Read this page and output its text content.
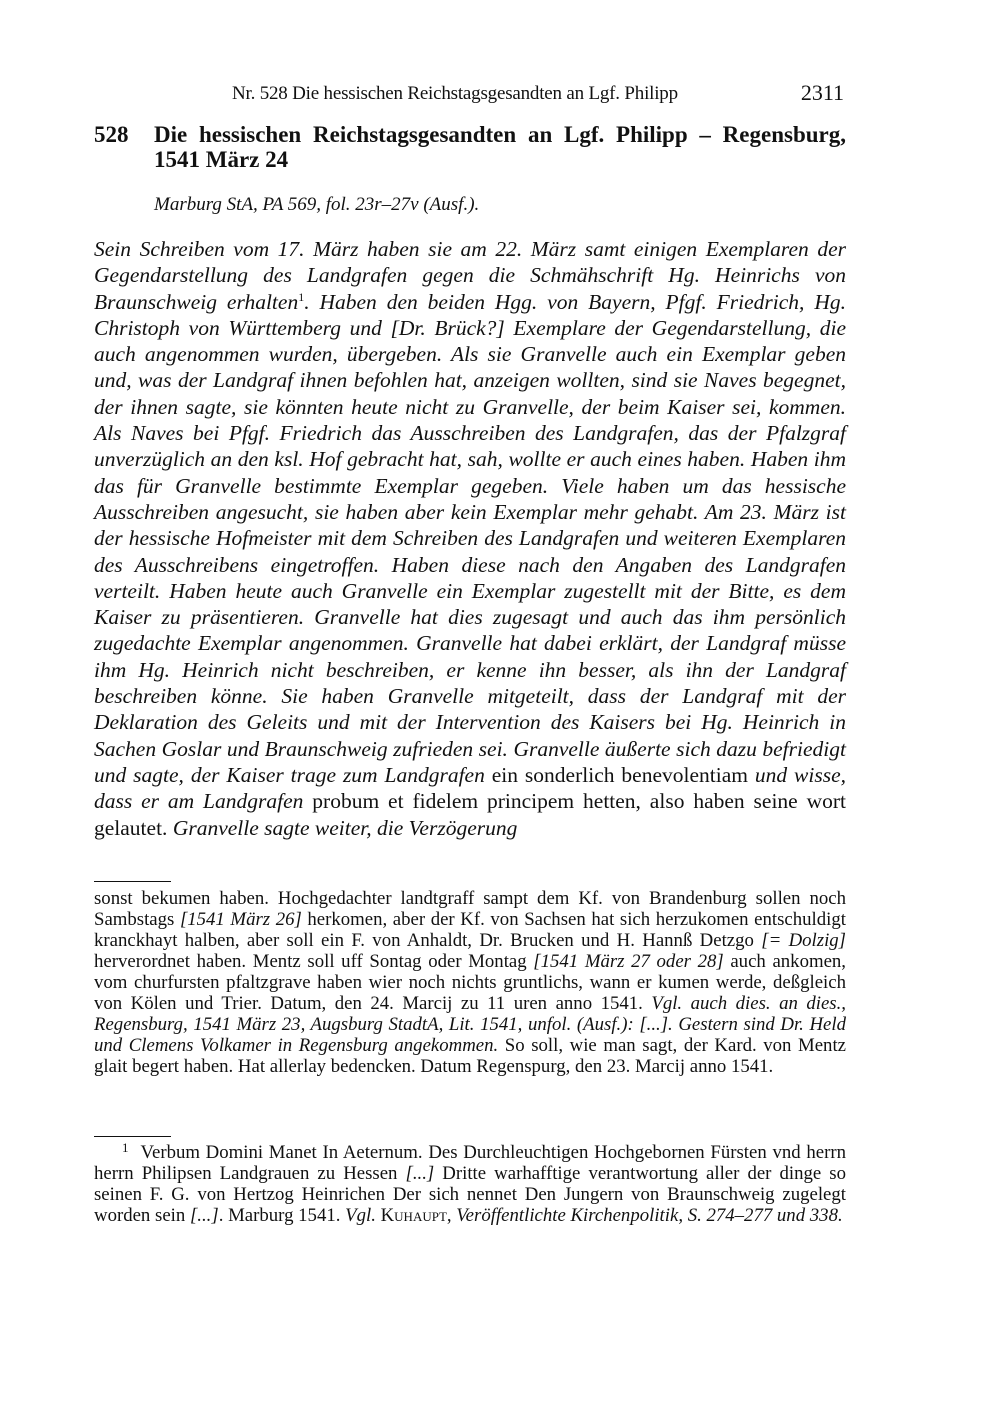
Nr. 528 Die hessischen Reichstagsgesandten an Lgf. Philipp	2311
528 Die hessischen Reichstagsgesandten an Lgf. Philipp – Regensburg, 1541 März 24
Marburg StA, PA 569, fol. 23r–27v (Ausf.).
Sein Schreiben vom 17. März haben sie am 22. März samt einigen Exemplaren der Gegendarstellung des Landgrafen gegen die Schmähschrift Hg. Heinrichs von Braunschweig erhalten$^1$. Haben den beiden Hgg. von Bayern, Pfgf. Friedrich, Hg. Christoph von Württemberg und [Dr. Brück?] Exemplare der Gegendarstellung, die auch angenommen wurden, übergeben. Als sie Granvelle auch ein Exemplar geben und, was der Landgraf ihnen befohlen hat, anzeigen wollten, sind sie Naves begegnet, der ihnen sagte, sie könnten heute nicht zu Granvelle, der beim Kaiser sei, kommen. Als Naves bei Pfgf. Friedrich das Ausschreiben des Landgrafen, das der Pfalzgraf unverzüglich an den ksl. Hof gebracht hat, sah, wollte er auch eines haben. Haben ihm das für Granvelle bestimmte Exemplar gegeben. Viele haben um das hessische Ausschreiben angesucht, sie haben aber kein Exemplar mehr gehabt. Am 23. März ist der hessische Hofmeister mit dem Schreiben des Landgrafen und weiteren Exemplaren des Ausschreibens eingetroffen. Haben diese nach den Angaben des Landgrafen verteilt. Haben heute auch Granvelle ein Exemplar zugestellt mit der Bitte, es dem Kaiser zu präsentieren. Granvelle hat dies zugesagt und auch das ihm persönlich zugedachte Exemplar angenommen. Granvelle hat dabei erklärt, der Landgraf müsse ihm Hg. Heinrich nicht beschreiben, er kenne ihn besser, als ihn der Landgraf beschreiben könne. Sie haben Granvelle mitgeteilt, dass der Landgraf mit der Deklaration des Geleits und mit der Intervention des Kaisers bei Hg. Heinrich in Sachen Goslar und Braunschweig zufrieden sei. Granvelle äußerte sich dazu befriedigt und sagte, der Kaiser trage zum Landgrafen ein sonderlich benevolentiam und wisse, dass er am Landgrafen probum et fidelem principem hetten, also haben seine wort gelautet. Granvelle sagte weiter, die Verzögerung
sonst bekumen haben. Hochgedachter landtgraff sampt dem Kf. von Brandenburg sollen noch Sambstags [1541 März 26] herkomen, aber der Kf. von Sachsen hat sich herzukomen entschuldigt kranckhayt halben, aber soll ein F. von Anhaldt, Dr. Brucken und H. Hannß Detzgo [= Dolzig] herverordnet haben. Mentz soll uff Sontag oder Montag [1541 März 27 oder 28] auch ankomen, vom churfursten pfaltzgrave haben wier noch nichts gruntlichs, wann er kumen werde, deßgleich von Kölen und Trier. Datum, den 24. Marcij zu 11 uren anno 1541. Vgl. auch dies. an dies., Regensburg, 1541 März 23, Augsburg StadtA, Lit. 1541, unfol. (Ausf.): [...]. Gestern sind Dr. Held und Clemens Volkamer in Regensburg angekommen. So soll, wie man sagt, der Kard. von Mentz glait begert haben. Hat allerlay bedencken. Datum Regenspurg, den 23. Marcij anno 1541.
$^1$ Verbum Domini Manet In Aeternum. Des Durchleuchtigen Hochgebornen Fürsten vnd herrn herrn Philipsen Landgrauen zu Hessen [...] Dritte warhafftige verantwortung aller der dinge so seinen F. G. von Hertzog Heinrichen Der sich nennet Den Jungern von Braunschweig zugelegt worden sein [...]. Marburg 1541. Vgl. Kuhaupt, Veröffentlichte Kirchenpolitik, S. 274–277 und 338.
